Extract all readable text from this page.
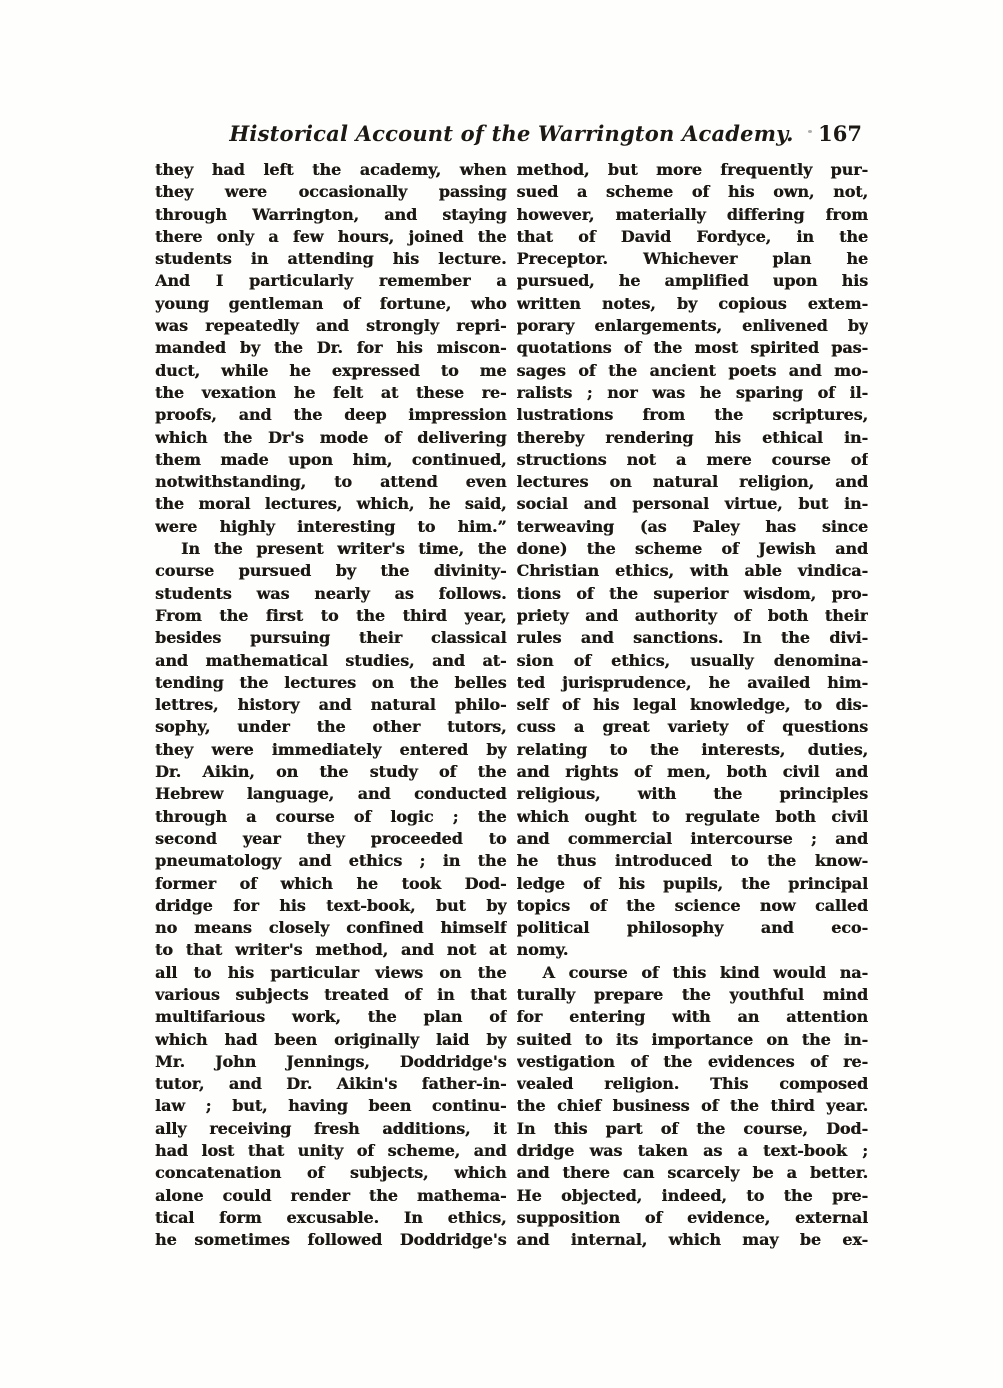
Historical Account of the Warrington Academy.	167
they had left the academy, when
they were occasionally passing
through Warrington, and staying
there only a few hours, joined the
students in attending his lecture.
And I particularly remember a
young gentleman of fortune, who
was repeatedly and strongly repri-
manded by the Dr. for his miscon-
duct, while he expressed to me
the vexation he felt at these re-
proofs, and the deep impression
which the Dr's mode of delivering
them made upon him, continued,
notwithstanding, to attend even
the moral lectures, which, he said,
were highly interesting to him.”
In the present writer's time, the
course pursued by the divinity-
students was nearly as follows.
From the first to the third year,
besides pursuing their classical
and mathematical studies, and at-
tending the lectures on the belles
lettres, history and natural philo-
sophy, under the other tutors,
they were immediately entered by
Dr. Aikin, on the study of the
Hebrew language, and conducted
through a course of logic ; the
second year they proceeded to
pneumatology and ethics ; in the
former of which he took Dod-
dridge for his text-book, but by
no means closely confined himself
to that writer's method, and not at
all to his particular views on the
various subjects treated of in that
multifarious work, the plan of
which had been originally laid by
Mr. John Jennings, Doddridge's
tutor, and Dr. Aikin's father-in-
law ; but, having been continu-
ally receiving fresh additions, it
had lost that unity of scheme, and
concatenation of subjects, which
alone could render the mathema-
tical form excusable. In ethics,
he sometimes followed Doddridge's
method, but more frequently pur-
sued a scheme of his own, not,
however, materially differing from
that of David Fordyce, in the
Preceptor. Whichever plan he
pursued, he amplified upon his
written notes, by copious extem-
porary enlargements, enlivened by
quotations of the most spirited pas-
sages of the ancient poets and mo-
ralists ; nor was he sparing of il-
lustrations from the scriptures,
thereby rendering his ethical in-
structions not a mere course of
lectures on natural religion, and
social and personal virtue, but in-
terweaving (as Paley has since
done) the scheme of Jewish and
Christian ethics, with able vindica-
tions of the superior wisdom, pro-
priety and authority of both their
rules and sanctions. In the divi-
sion of ethics, usually denomina-
ted jurisprudence, he availed him-
self of his legal knowledge, to dis-
cuss a great variety of questions
relating to the interests, duties,
and rights of men, both civil and
religious, with the principles
which ought to regulate both civil
and commercial intercourse ; and
he thus introduced to the know-
ledge of his pupils, the principal
topics of the science now called
political philosophy and eco-
nomy.
A course of this kind would na-
turally prepare the youthful mind
for entering with an attention
suited to its importance on the in-
vestigation of the evidences of re-
vealed religion. This composed
the chief business of the third year.
In this part of the course, Dod-
dridge was taken as a text-book ;
and there can scarcely be a better.
He objected, indeed, to the pre-
supposition of evidence, external
and internal, which may be ex-
